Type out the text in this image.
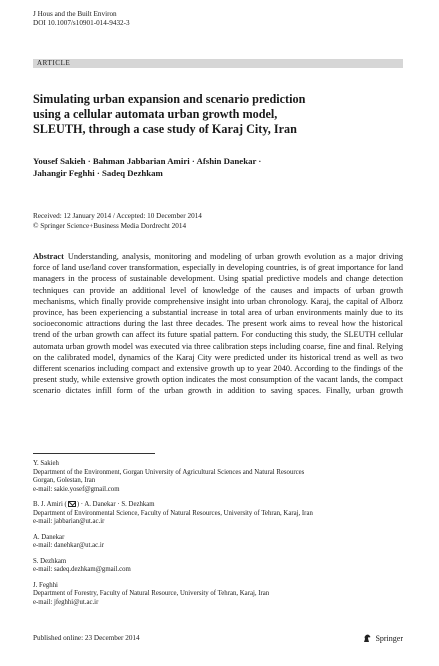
J Hous and the Built Environ
DOI 10.1007/s10901-014-9432-3
ARTICLE
Simulating urban expansion and scenario prediction
using a cellular automata urban growth model,
SLEUTH, through a case study of Karaj City, Iran
Yousef Sakieh · Bahman Jabbarian Amiri · Afshin Danekar ·
Jahangir Feghhi · Sadeq Dezhkam
Received: 12 January 2014 / Accepted: 10 December 2014
© Springer Science+Business Media Dordrecht 2014
Abstract Understanding, analysis, monitoring and modeling of urban growth evolution as a major driving force of land use/land cover transformation, especially in developing countries, is of great importance for land managers in the process of sustainable development. Using spatial predictive models and change detection techniques can provide an additional level of knowledge of the causes and impacts of urban growth mechanisms, which finally provide comprehensive insight into urban chronology. Karaj, the capital of Alborz province, has been experiencing a substantial increase in total area of urban environments mainly due to its socioeconomic attractions during the last three decades. The present work aims to reveal how the historical trend of the urban growth can affect its future spatial pattern. For conducting this study, the SLEUTH cellular automata urban growth model was executed via three calibration steps including coarse, fine and final. Relying on the calibrated model, dynamics of the Karaj City were predicted under its historical trend as well as two different scenarios including compact and extensive growth up to year 2040. According to the findings of the present study, while extensive growth option indicates the most consumption of the vacant lands, the compact scenario dictates infill form of the urban growth in addition to saving spaces. Finally, urban growth
Y. Sakieh
Department of the Environment, Gorgan University of Agricultural Sciences and Natural Resources
Gorgan, Golestan, Iran
e-mail: sakie.yosef@gmail.com
B. J. Amiri ( ) · A. Danekar · S. Dezhkam
Department of Environmental Science, Faculty of Natural Resources, University of Tehran, Karaj, Iran
e-mail: jabbarian@ut.ac.ir
A. Danekar
e-mail: danehkar@ut.ac.ir
S. Dezhkam
e-mail: sadeq.dezhkam@gmail.com
J. Feghhi
Department of Forestry, Faculty of Natural Resource, University of Tehran, Karaj, Iran
e-mail: jfeghhi@ut.ac.ir
Published online: 23 December 2014	Springer
